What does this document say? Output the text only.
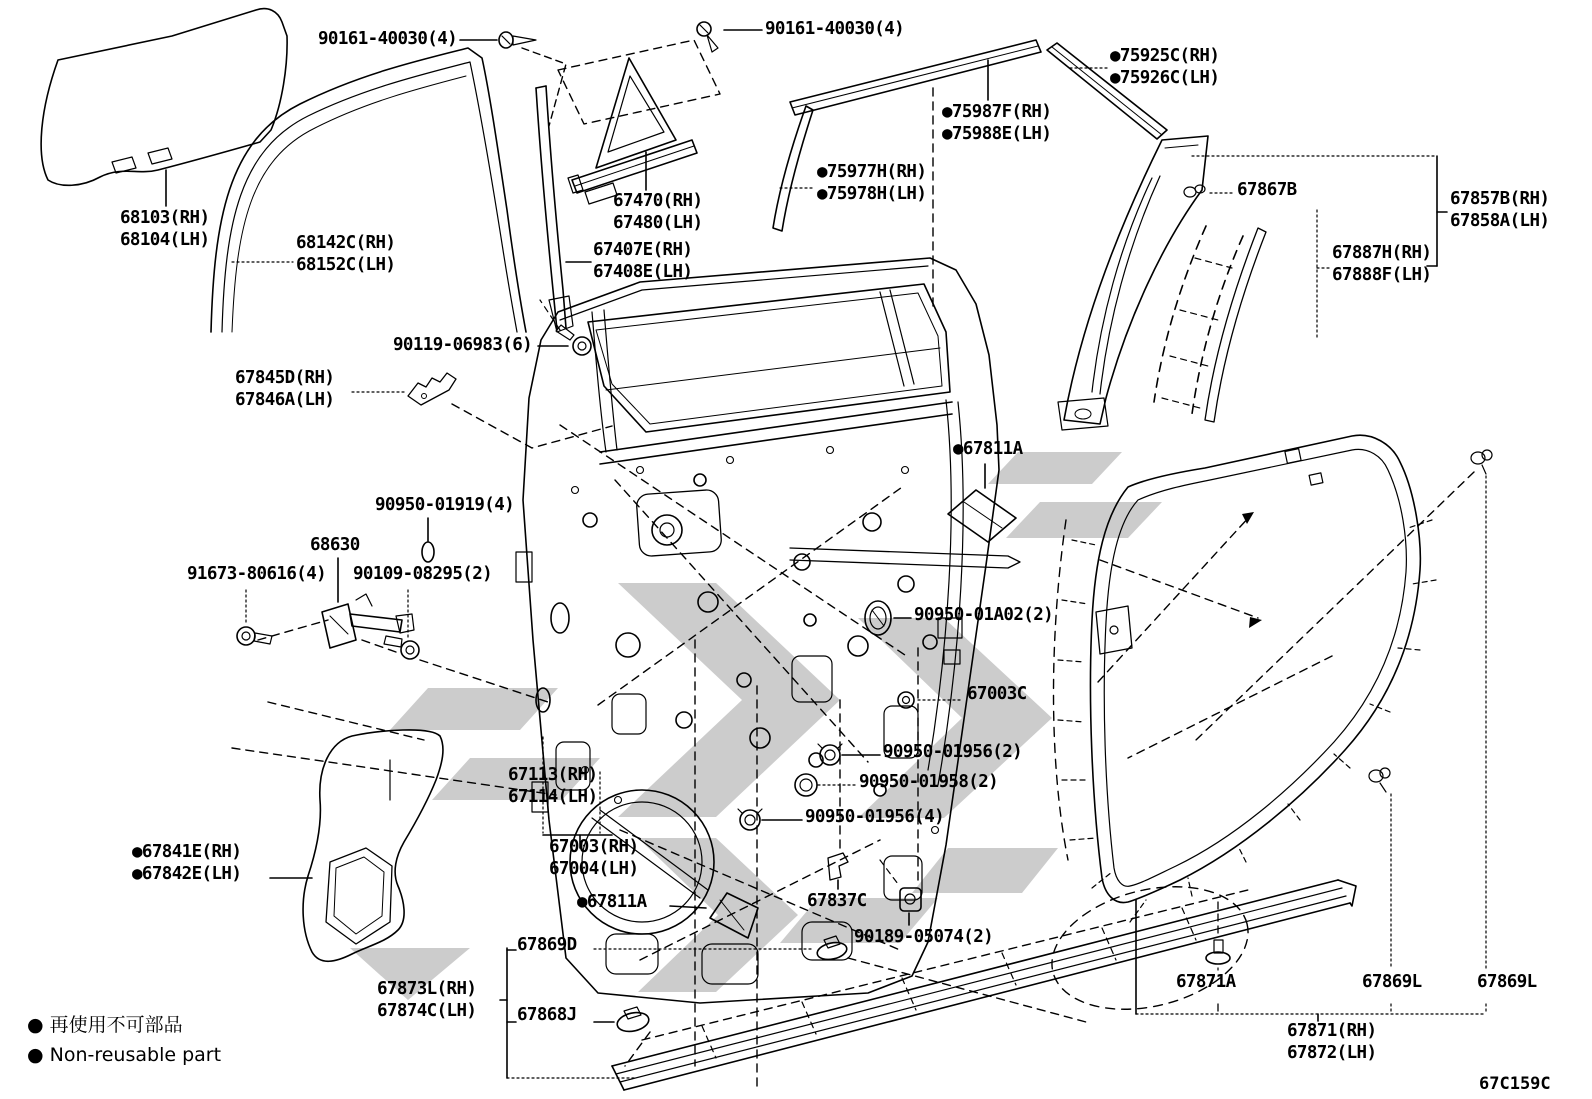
90161-40030(4)	90161-40030(4)
68103(RH)
68104(LH)	68142C(RH)
68152C(LH)
67470(RH)
67480(LH)
67407E(RH)
67408E(LH)
●75925C(RH)
●75926C(LH)
●75987F(RH)
●75988E(LH)
●75977H(RH)
●75978H(LH)	67867B	67857B(RH)
67858A(LH)
67887H(RH)
67888F(LH)
90119-06983(6)
67845D(RH)
67846A(LH)
90950-01919(4)
68630
91673-80616(4) 90109-08295(2)
●67811A
90950-01A02(2)
67003C
90950-01956(2)
90950-01958(2)
90950-01956(4)
67113(RH)
67114(LH)
67003(RH)
67004(LH)
●67841E(RH)
●67842E(LH)
●67811A	67837C
90189-05074(2)
67869D
67868J
67873L(RH)
67874C(LH)
67871A	67869L	67869L
67871(RH)
67872(LH)
● 再使用不可部品
● Non-reusable part
67C159C
